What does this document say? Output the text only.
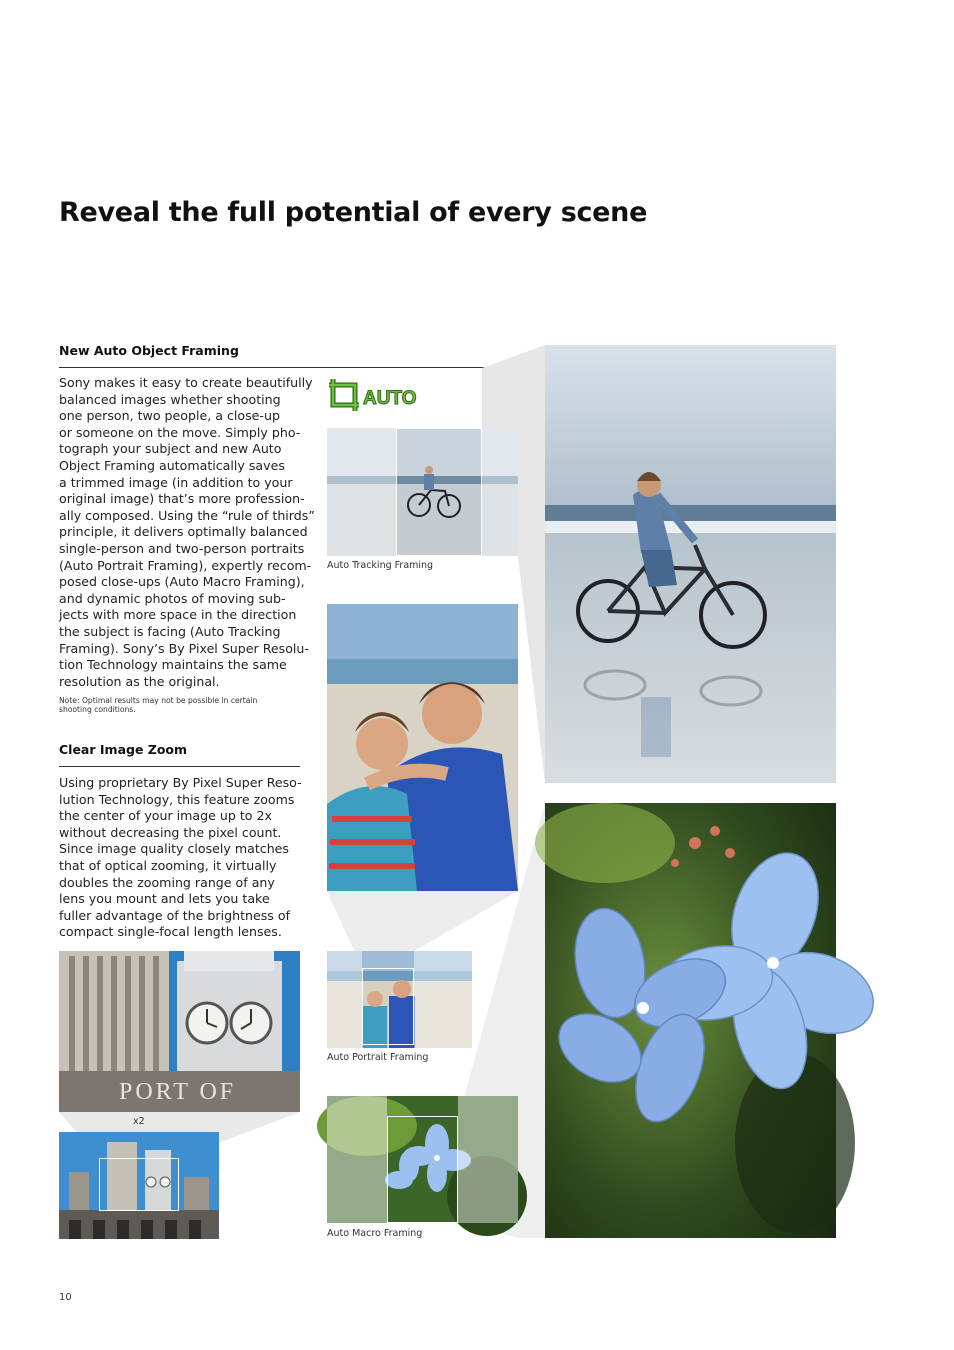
Reveal the full potential of every scene
New Auto Object Framing
Sony makes it easy to create beautifully
balanced images whether shooting
one person, two people, a close-up
or someone on the move. Simply pho-
tograph your subject and new Auto
Object Framing automatically saves
a trimmed image (in addition to your
original image) that’s more profession-
ally composed. Using the “rule of thirds”
principle, it delivers optimally balanced
single-person and two-person portraits
(Auto Portrait Framing), expertly recom-
posed close-ups (Auto Macro Framing),
and dynamic photos of moving sub-
jects with more space in the direction
the subject is facing (Auto Tracking
Framing). Sony’s By Pixel Super Resolu-
tion Technology maintains the same
resolution as the original.
Note: Optimal results may not be possible in certain
shooting conditions.
AUTO
Clear Image Zoom
Using proprietary By Pixel Super Reso-
lution Technology, this feature zooms
the center of your image up to 2x
without decreasing the pixel count.
Since image quality closely matches
that of optical zooming, it virtually
doubles the zooming range of any
lens you mount and lets you take
fuller advantage of the brightness of
compact single-focal length lenses.
Auto Tracking Framing
Auto Portrait Framing
Auto Macro Framing
PORT OF
x2
10
